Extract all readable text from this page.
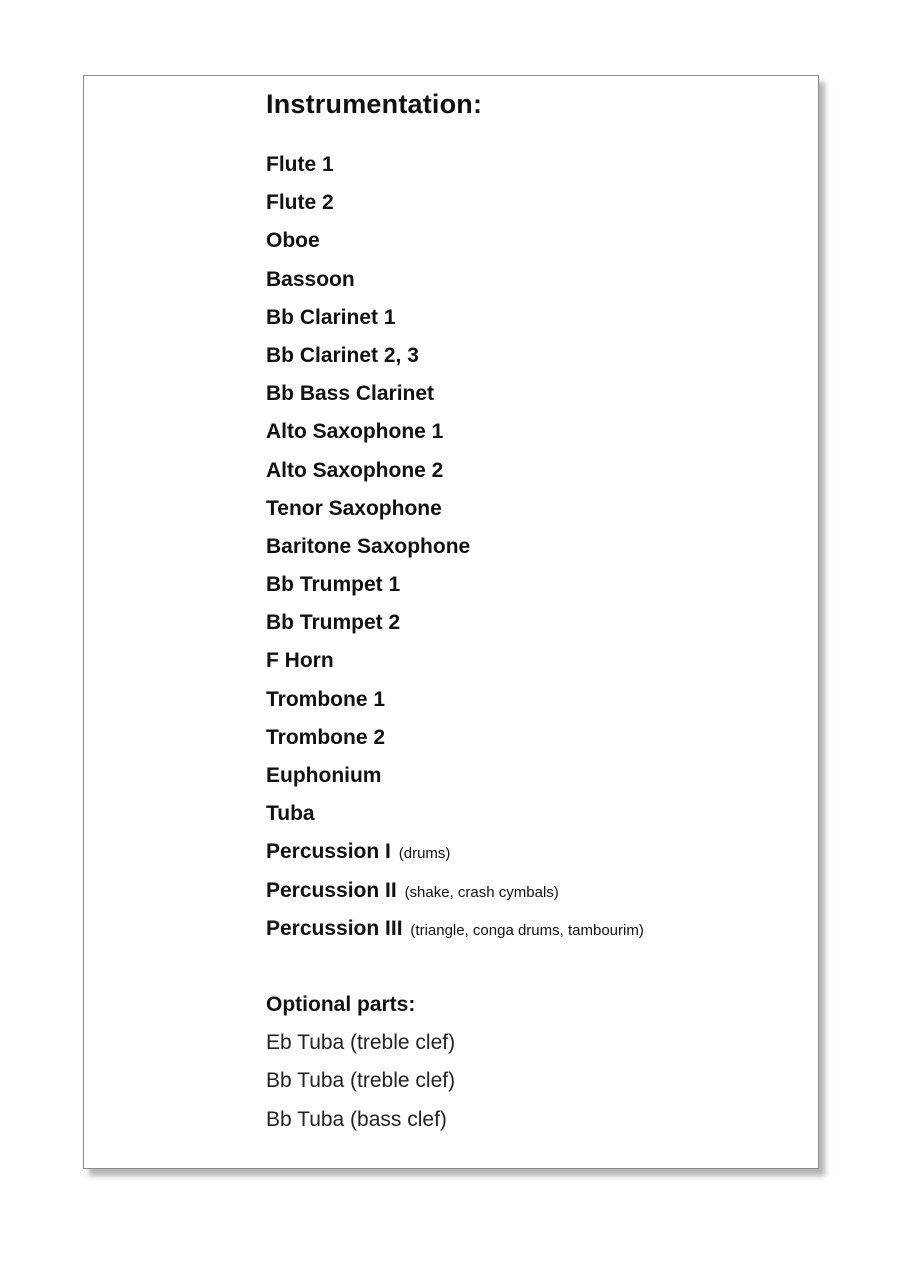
Instrumentation:
Flute 1
Flute 2
Oboe
Bassoon
Bb Clarinet 1
Bb Clarinet 2, 3
Bb Bass Clarinet
Alto Saxophone 1
Alto Saxophone 2
Tenor Saxophone
Baritone Saxophone
Bb Trumpet 1
Bb Trumpet 2
F Horn
Trombone 1
Trombone 2
Euphonium
Tuba
Percussion I (drums)
Percussion II (shake, crash cymbals)
Percussion III (triangle, conga drums, tambourim)
Optional parts:
Eb Tuba (treble clef)
Bb Tuba (treble clef)
Bb Tuba (bass clef)
